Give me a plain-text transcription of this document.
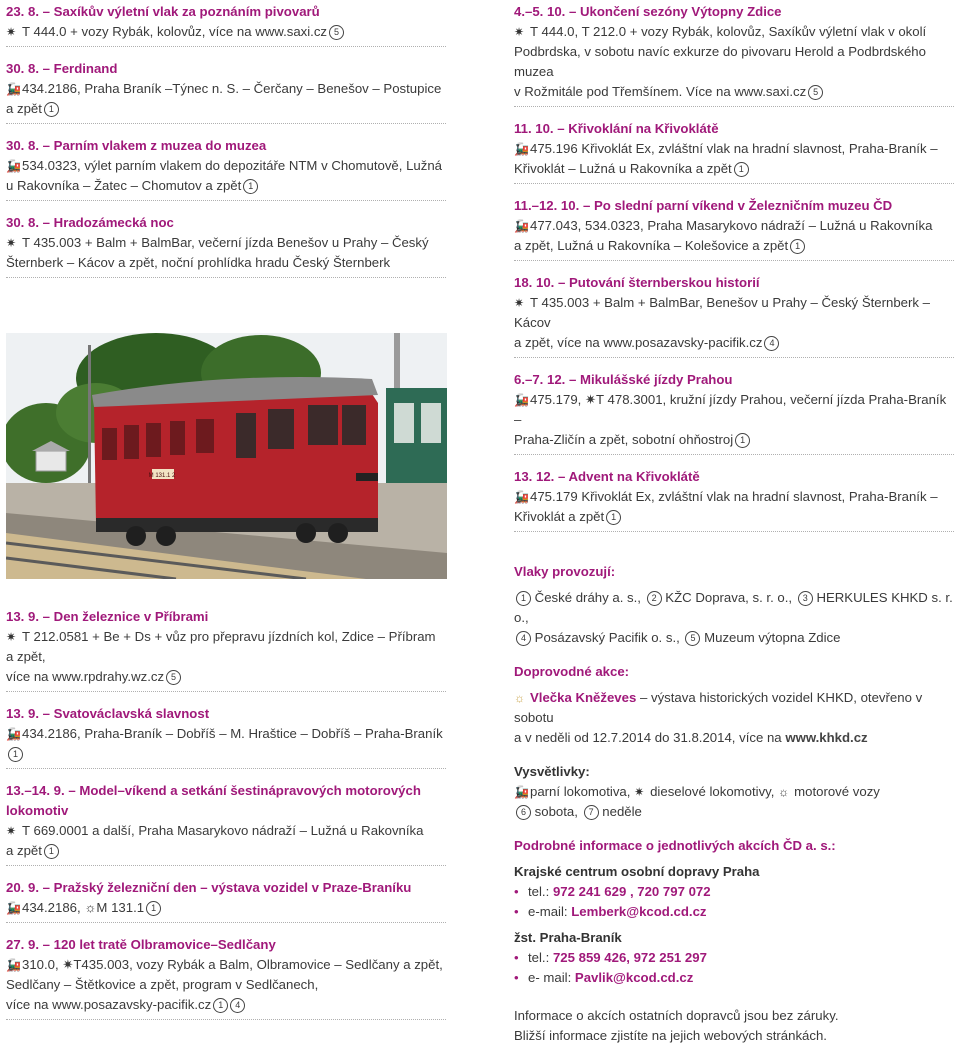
23. 8. – Saxíkův výletní vlak za poznáním pivovarů
✷ T 444.0 + vozy Rybák, kolovůz, více na www.saxi.cz 5
30. 8. – Ferdinand
🚂434.2186, Praha Braník –Týnec n. S. – Čerčany – Benešov – Postupice
a zpět 1
30. 8. – Parním vlakem z muzea do muzea
🚂534.0323, výlet parním vlakem do depozitáře NTM v Chomutově, Lužná
u Rakovníka – Žatec – Chomutov a zpět 1
30. 8. – Hradozámecká noc
✷ T 435.003 + Balm + BalmBar, večerní jízda Benešov u Prahy – Český
Šternberk – Kácov a zpět, noční prohlídka hradu Český Šternberk
M 131.1 2
13. 9. – Den železnice v Příbrami
✷ T 212.0581 + Be + Ds + vůz pro přepravu jízdních kol, Zdice – Příbram a zpět,
více na www.rpdrahy.wz.cz 5
13. 9. – Svatováclavská slavnost
🚂434.2186, Praha-Braník – Dobříš – M. Hraštice – Dobříš – Praha-Braník1
13.–14. 9. – Model–víkend a setkání šestinápravových motorových lokomotiv
✷ T 669.0001 a další, Praha Masarykovo nádraží – Lužná u Rakovníka
a zpět 1
20. 9. – Pražský železniční den – výstava vozidel v Praze-Braníku
🚂434.2186, ☼M 131.1 1
27. 9. – 120 let tratě Olbramovice–Sedlčany
🚂310.0, ✷T435.003, vozy Rybák a Balm, Olbramovice – Sedlčany a zpět,
Sedlčany – Štětkovice a zpět, program v Sedlčanech,
více na www.posazavsky-pacifik.cz 1 4
4.–5. 10. – Ukončení sezóny Výtopny Zdice
✷ T 444.0, T 212.0 + vozy Rybák, kolovůz, Saxíkův výletní vlak v okolí
Podbrdska, v sobotu navíc exkurze do pivovaru Herold a Podbrdského muzea
v Rožmitále pod Třemšínem. Více na www.saxi.cz 5
11. 10. – Křivoklání na Křivoklátě
🚂475.196 Křivoklát Ex, zvláštní vlak na hradní slavnost, Praha-Braník –
Křivoklát – Lužná u Rakovníka a zpět 1
11.–12. 10. – Po slední parní víkend v Železničním muzeu ČD
🚂477.043, 534.0323, Praha Masarykovo nádraží – Lužná u Rakovníka
a zpět, Lužná u Rakovníka – Kolešovice a zpět 1
18. 10. – Putování šternberskou historií
✷ T 435.003 + Balm + BalmBar, Benešov u Prahy – Český Šternberk – Kácov
a zpět, více na www.posazavsky-pacifik.cz 4
6.–7. 12. – Mikulášské jízdy Prahou
🚂475.179, ✷T 478.3001, kružní jízdy Prahou, večerní jízda Praha-Braník –
Praha-Zličín a zpět, sobotní ohňostroj 1
13. 12. – Advent na Křivoklátě
🚂475.179 Křivoklát Ex, zvláštní vlak na hradní slavnost, Praha-Braník –
Křivoklát a zpět 1
Vlaky provozují:
1 České dráhy a. s., 2 KŽC Doprava, s. r. o., 3 HERKULES KHKD s. r. o.,
4 Posázavský Pacifik o. s., 5 Muzeum výtopna Zdice
Doprovodné akce:
☼ Vlečka Kněževes – výstava historických vozidel KHKD, otevřeno v sobotu
a v neděli od 12.7.2014 do 31.8.2014, více na www.khkd.cz
Vysvětlivky:
🚂parní lokomotiva, ✷ dieselové lokomotivy, ☼ motorové vozy
6 sobota, 7 neděle
Podrobné informace o jednotlivých akcích ČD a. s.:
Krajské centrum osobní dopravy Praha
• tel.: 972 241 629 , 720 797 072
• e-mail: Lemberk@kcod.cd.cz
žst. Praha-Braník
• tel.: 725 859 426, 972 251 297
• e- mail: Pavlik@kcod.cd.cz
Informace o akcích ostatních dopravců jsou bez záruky.
Bližší informace zjistíte na jejich webových stránkách.
